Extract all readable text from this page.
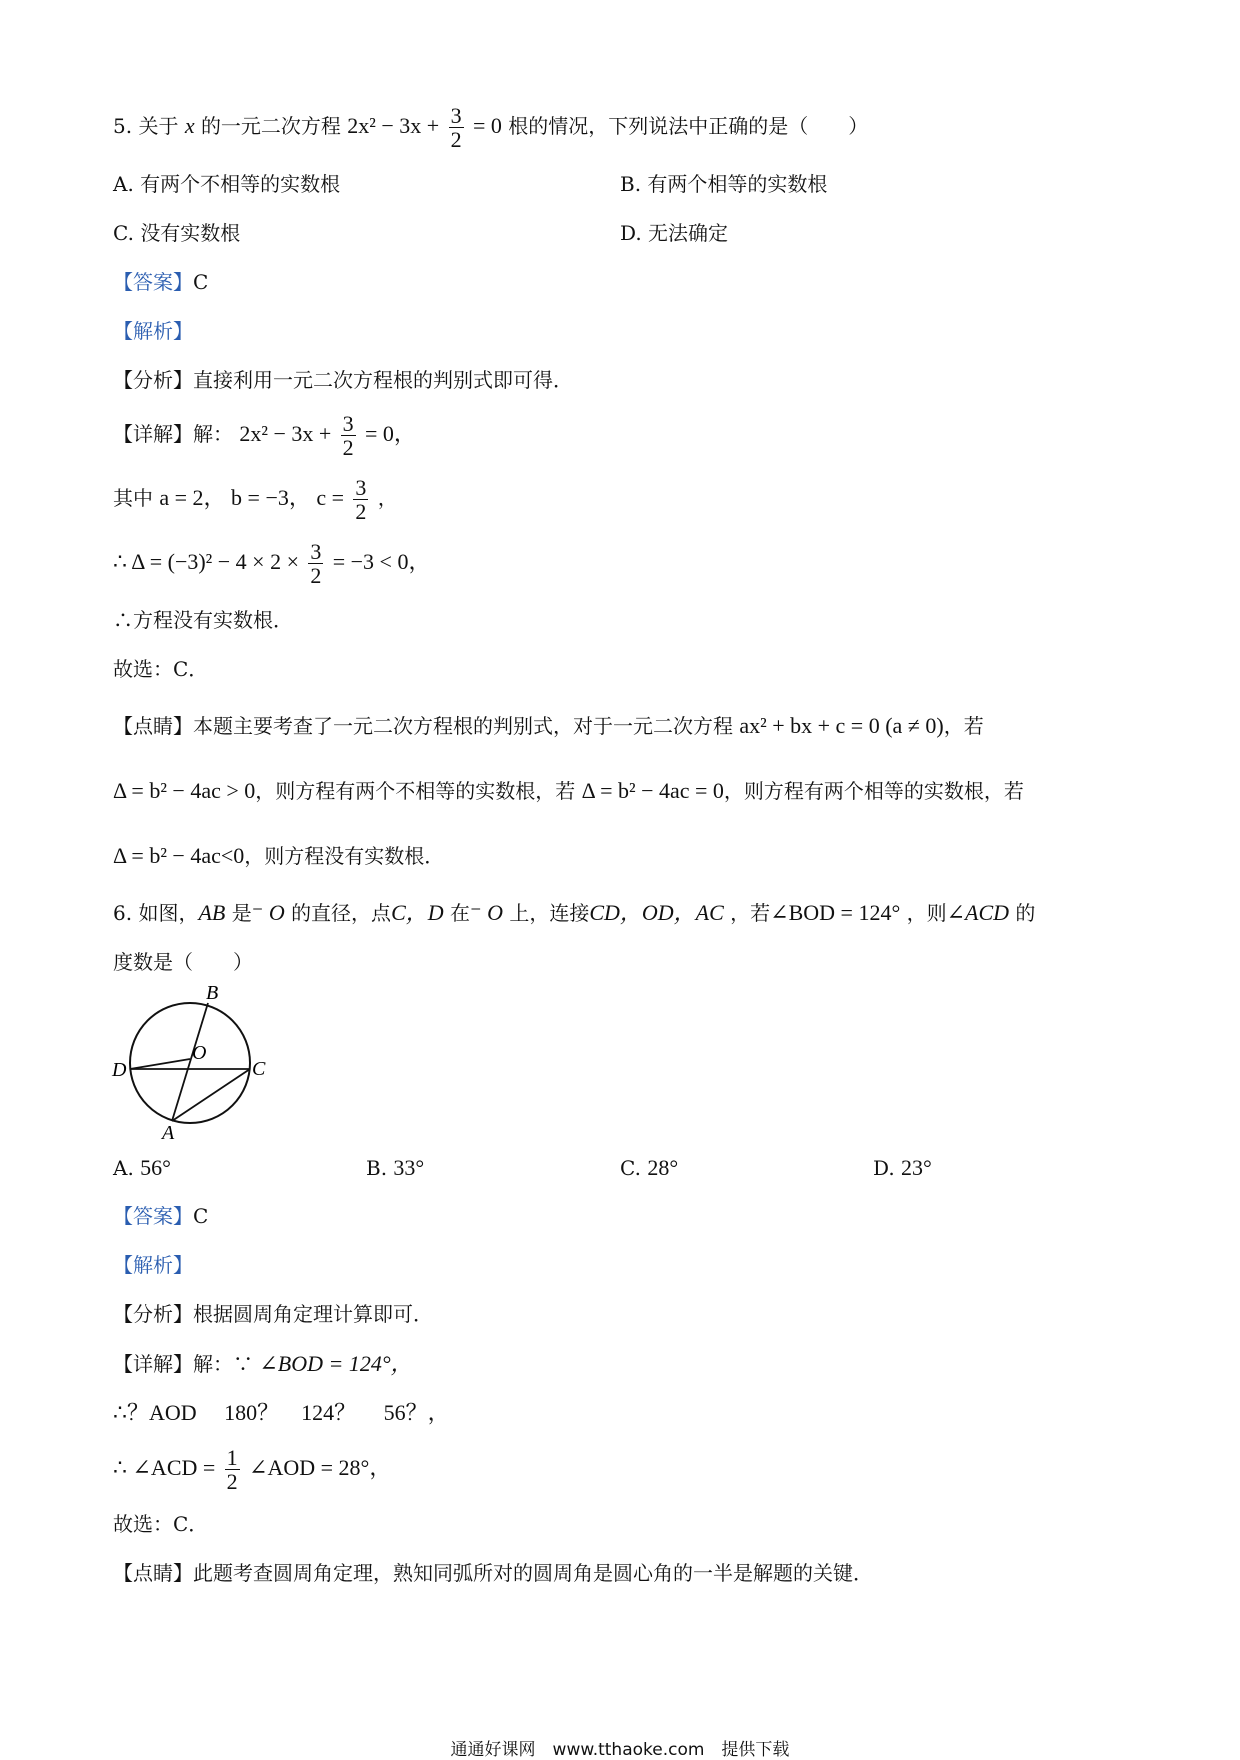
5. 关于 x 的一元二次方程 $2x^2 - 3x + \frac{3}{2} = 0$ 根的情况，下列说法中正确的是（　　）
A. 有两个不相等的实数根	B. 有两个相等的实数根
C. 没有实数根	D. 无法确定
【答案】C
【解析】
【分析】直接利用一元二次方程根的判别式即可得．
【详解】解： $2x^2 - 3x + \frac{3}{2} = 0$，
其中 a = 2， b = −3， $c = \frac{3}{2}$ ，
∴ $\Delta = (-3)^2 - 4 \times 2 \times \frac{3}{2} = -3 < 0$，
∴方程没有实数根．
故选：C．
【点睛】本题主要考查了一元二次方程根的判别式，对于一元二次方程 ax² + bx + c = 0 (a ≠ 0)，若
Δ = b² − 4ac > 0，则方程有两个不相等的实数根，若 Δ = b² − 4ac = 0，则方程有两个相等的实数根，若
Δ = b² − 4ac<0，则方程没有实数根．
6. 如图，AB 是⁻ O 的直径，点C，D 在⁻ O 上，连接CD，OD，AC ，若∠BOD = 124° ，则∠ACD 的
度数是（　　）
B
O
D	C
A
A. 56°	B. 33°	C. 28°	D. 23°
【答案】C
【解析】
【分析】根据圆周角定理计算即可．
【详解】解：∵ ∠BOD = 124°，
∴？AOD　 180？　124？　 56？，
∴ ∠ACD = $\frac{1}{2}$ ∠AOD = 28°，
故选：C．
【点睛】此题考查圆周角定理，熟知同弧所对的圆周角是圆心角的一半是解题的关键．
通通好课网　www.tthaoke.com　提供下载
